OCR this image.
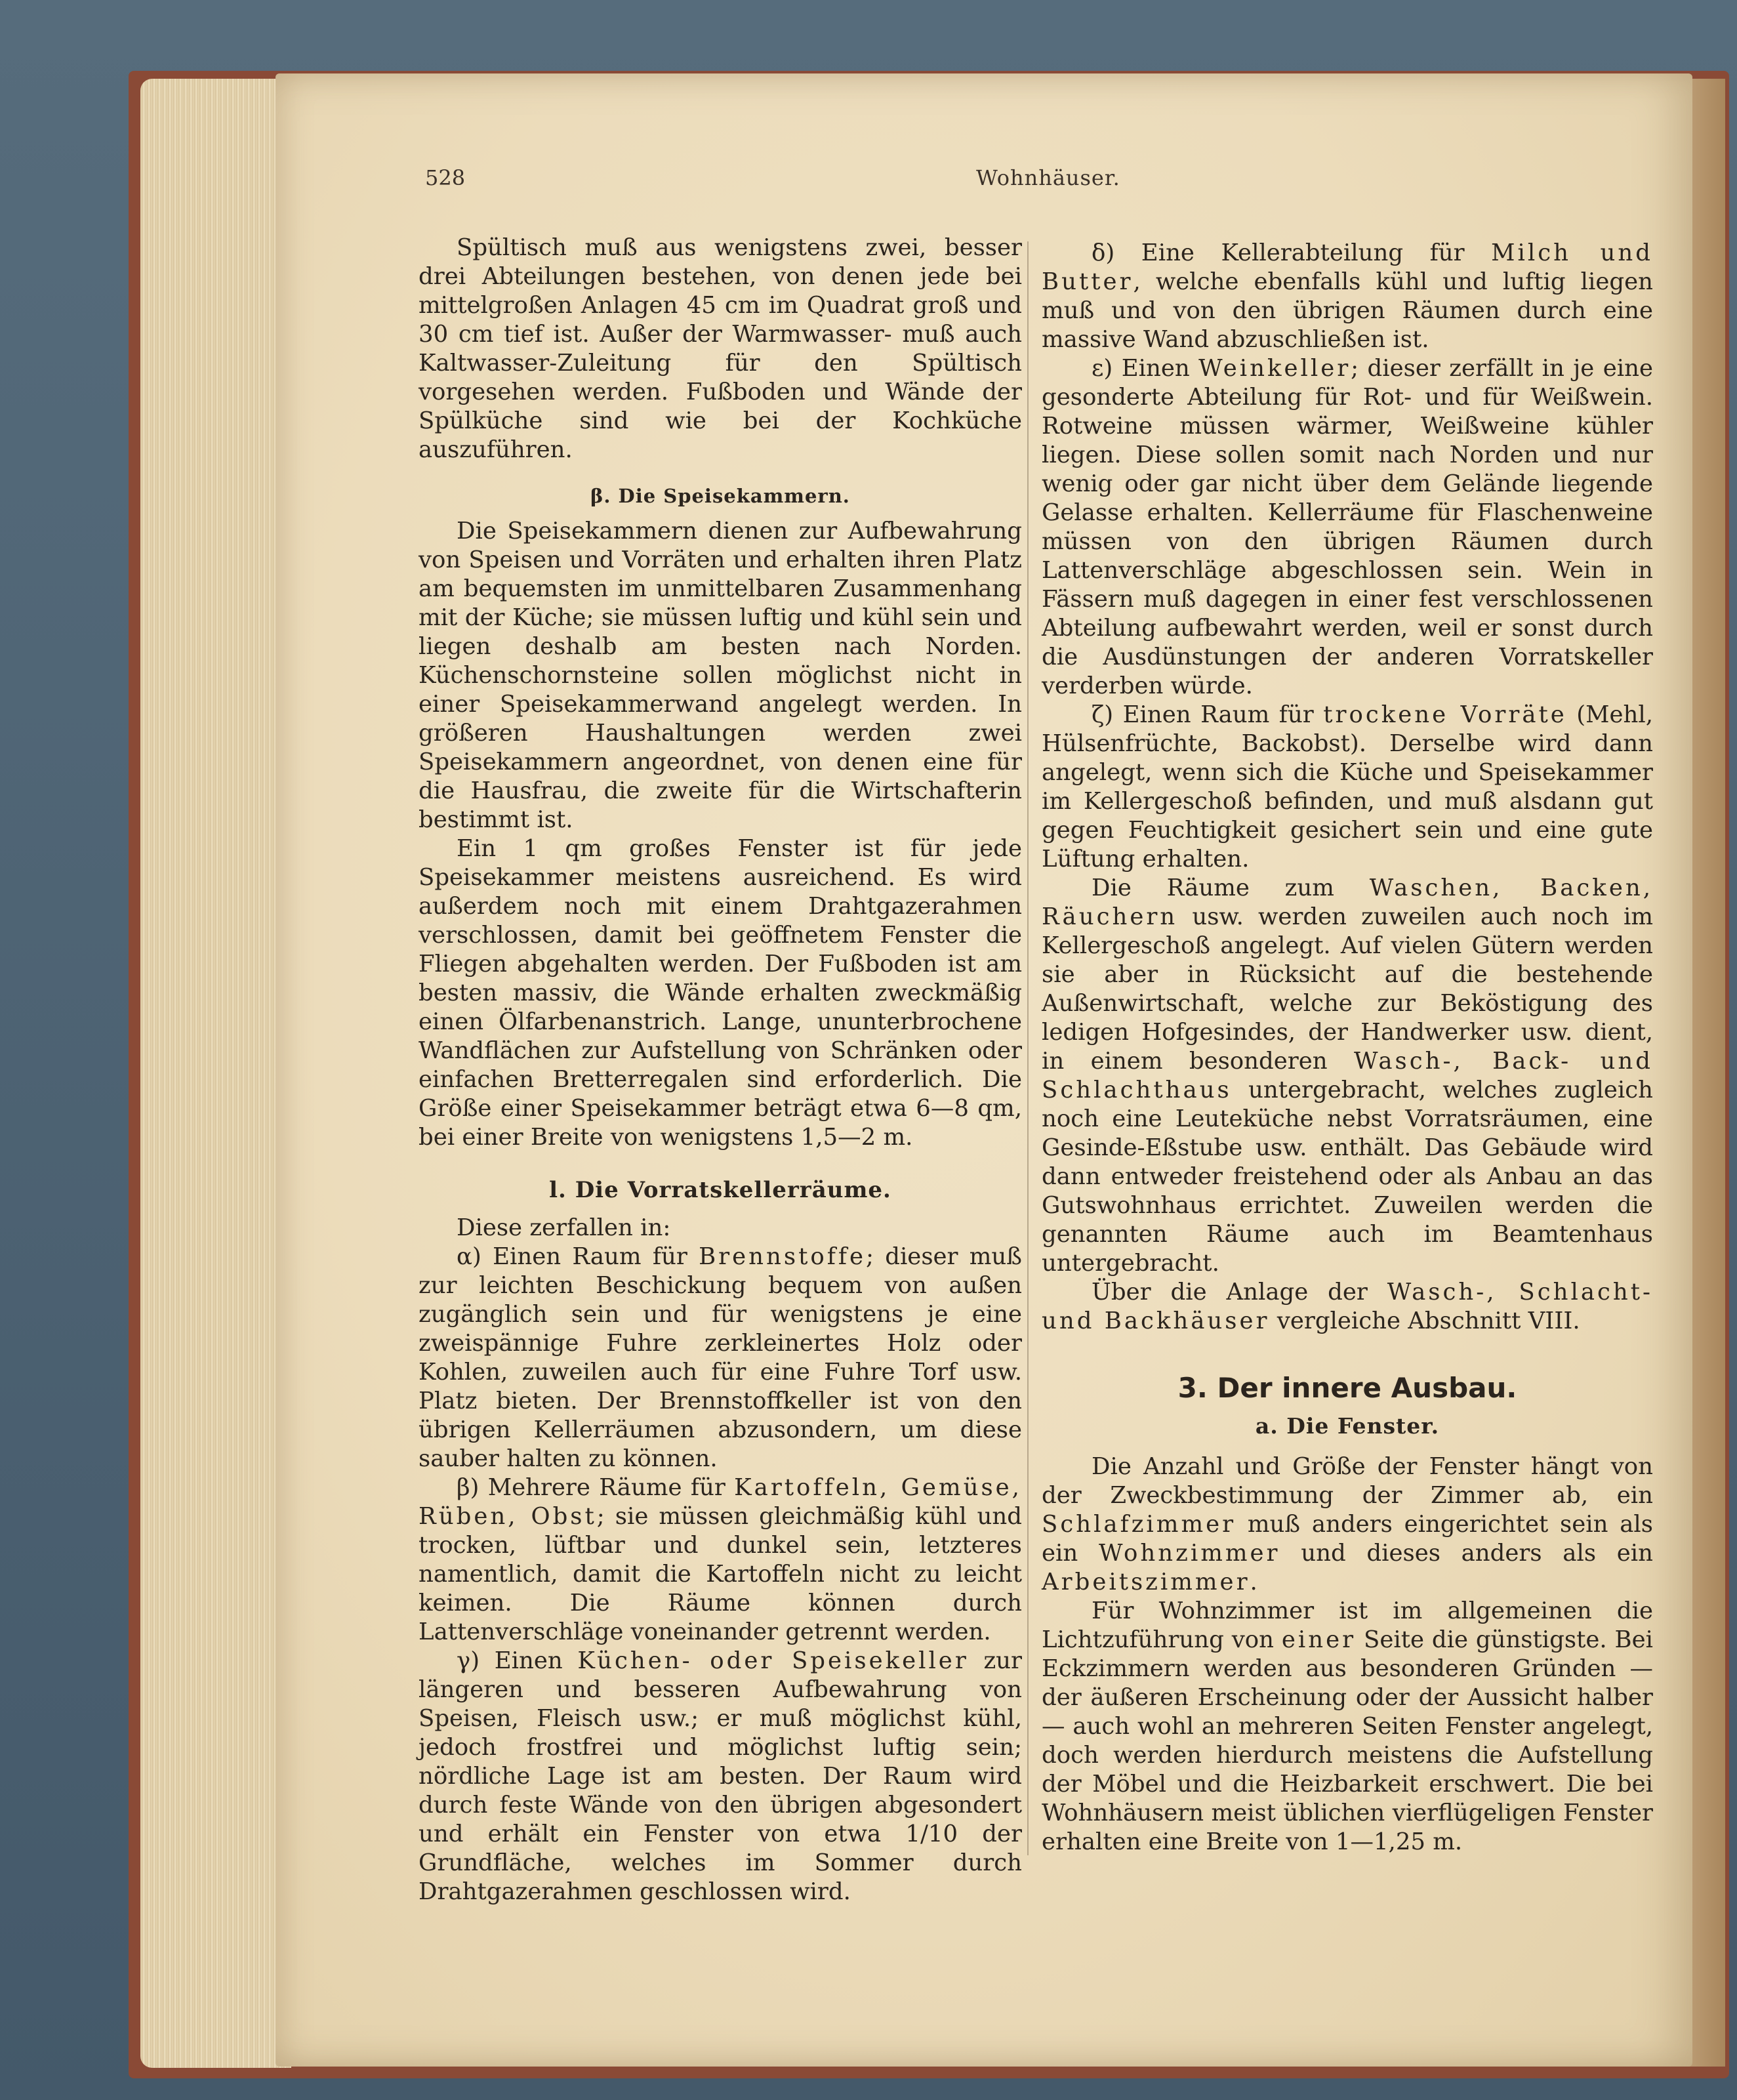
528	Wohnhäuser.

Spültisch muß aus wenigstens zwei, besser drei Abteilungen bestehen, von denen jede bei mittelgroßen Anlagen 45 cm im Quadrat groß und 30 cm tief ist. Außer der Warmwasser- muß auch Kaltwasser-Zuleitung für den Spültisch vorgesehen werden. Fußboden und Wände der Spülküche sind wie bei der Kochküche auszuführen.

β. Die Speisekammern.

Die Speisekammern dienen zur Aufbewahrung von Speisen und Vorräten und erhalten ihren Platz am bequemsten im unmittelbaren Zusammenhang mit der Küche; sie müssen luftig und kühl sein und liegen deshalb am besten nach Norden. Küchenschornsteine sollen möglichst nicht in einer Speisekammerwand angelegt werden. In größeren Haushaltungen werden zwei Speisekammern angeordnet, von denen eine für die Hausfrau, die zweite für die Wirtschafterin bestimmt ist.

Ein 1 qm großes Fenster ist für jede Speisekammer meistens ausreichend. Es wird außerdem noch mit einem Drahtgazerahmen verschlossen, damit bei geöffnetem Fenster die Fliegen abgehalten werden. Der Fußboden ist am besten massiv, die Wände erhalten zweckmäßig einen Ölfarbenanstrich. Lange, ununterbrochene Wandflächen zur Aufstellung von Schränken oder einfachen Bretterregalen sind erforderlich. Die Größe einer Speisekammer beträgt etwa 6—8 qm, bei einer Breite von wenigstens 1,5—2 m.

l. Die Vorratskellerräume.

Diese zerfallen in:

α) Einen Raum für Brennstoffe; dieser muß zur leichten Beschickung bequem von außen zugänglich sein und für wenigstens je eine zweispännige Fuhre zerkleinertes Holz oder Kohlen, zuweilen auch für eine Fuhre Torf usw. Platz bieten. Der Brennstoffkeller ist von den übrigen Kellerräumen abzusondern, um diese sauber halten zu können.

β) Mehrere Räume für Kartoffeln, Gemüse, Rüben, Obst; sie müssen gleichmäßig kühl und trocken, lüftbar und dunkel sein, letzteres namentlich, damit die Kartoffeln nicht zu leicht keimen. Die Räume können durch Lattenverschläge voneinander getrennt werden.

γ) Einen Küchen- oder Speisekeller zur längeren und besseren Aufbewahrung von Speisen, Fleisch usw.; er muß möglichst kühl, jedoch frostfrei und möglichst luftig sein; nördliche Lage ist am besten. Der Raum wird durch feste Wände von den übrigen abgesondert und erhält ein Fenster von etwa 1/10 der Grundfläche, welches im Sommer durch Drahtgazerahmen geschlossen wird.

δ) Eine Kellerabteilung für Milch und Butter, welche ebenfalls kühl und luftig liegen muß und von den übrigen Räumen durch eine massive Wand abzuschließen ist.

ε) Einen Weinkeller; dieser zerfällt in je eine gesonderte Abteilung für Rot- und für Weißwein. Rotweine müssen wärmer, Weißweine kühler liegen. Diese sollen somit nach Norden und nur wenig oder gar nicht über dem Gelände liegende Gelasse erhalten. Kellerräume für Flaschenweine müssen von den übrigen Räumen durch Lattenverschläge abgeschlossen sein. Wein in Fässern muß dagegen in einer fest verschlossenen Abteilung aufbewahrt werden, weil er sonst durch die Ausdünstungen der anderen Vorratskeller verderben würde.

ζ) Einen Raum für trockene Vorräte (Mehl, Hülsenfrüchte, Backobst). Derselbe wird dann angelegt, wenn sich die Küche und Speisekammer im Kellergeschoß befinden, und muß alsdann gut gegen Feuchtigkeit gesichert sein und eine gute Lüftung erhalten.

Die Räume zum Waschen, Backen, Räuchern usw. werden zuweilen auch noch im Kellergeschoß angelegt. Auf vielen Gütern werden sie aber in Rücksicht auf die bestehende Außenwirtschaft, welche zur Beköstigung des ledigen Hofgesindes, der Handwerker usw. dient, in einem besonderen Wasch-, Back- und Schlachthaus untergebracht, welches zugleich noch eine Leuteküche nebst Vorratsräumen, eine Gesinde-Eßstube usw. enthält. Das Gebäude wird dann entweder freistehend oder als Anbau an das Gutswohnhaus errichtet. Zuweilen werden die genannten Räume auch im Beamtenhaus untergebracht.

Über die Anlage der Wasch-, Schlacht- und Backhäuser vergleiche Abschnitt VIII.

3. Der innere Ausbau.
a. Die Fenster.

Die Anzahl und Größe der Fenster hängt von der Zweckbestimmung der Zimmer ab, ein Schlafzimmer muß anders eingerichtet sein als ein Wohnzimmer und dieses anders als ein Arbeitszimmer.

Für Wohnzimmer ist im allgemeinen die Lichtzuführung von einer Seite die günstigste. Bei Eckzimmern werden aus besonderen Gründen — der äußeren Erscheinung oder der Aussicht halber — auch wohl an mehreren Seiten Fenster angelegt, doch werden hierdurch meistens die Aufstellung der Möbel und die Heizbarkeit erschwert. Die bei Wohnhäusern meist üblichen vierflügeligen Fenster erhalten eine Breite von 1—1,25 m.
